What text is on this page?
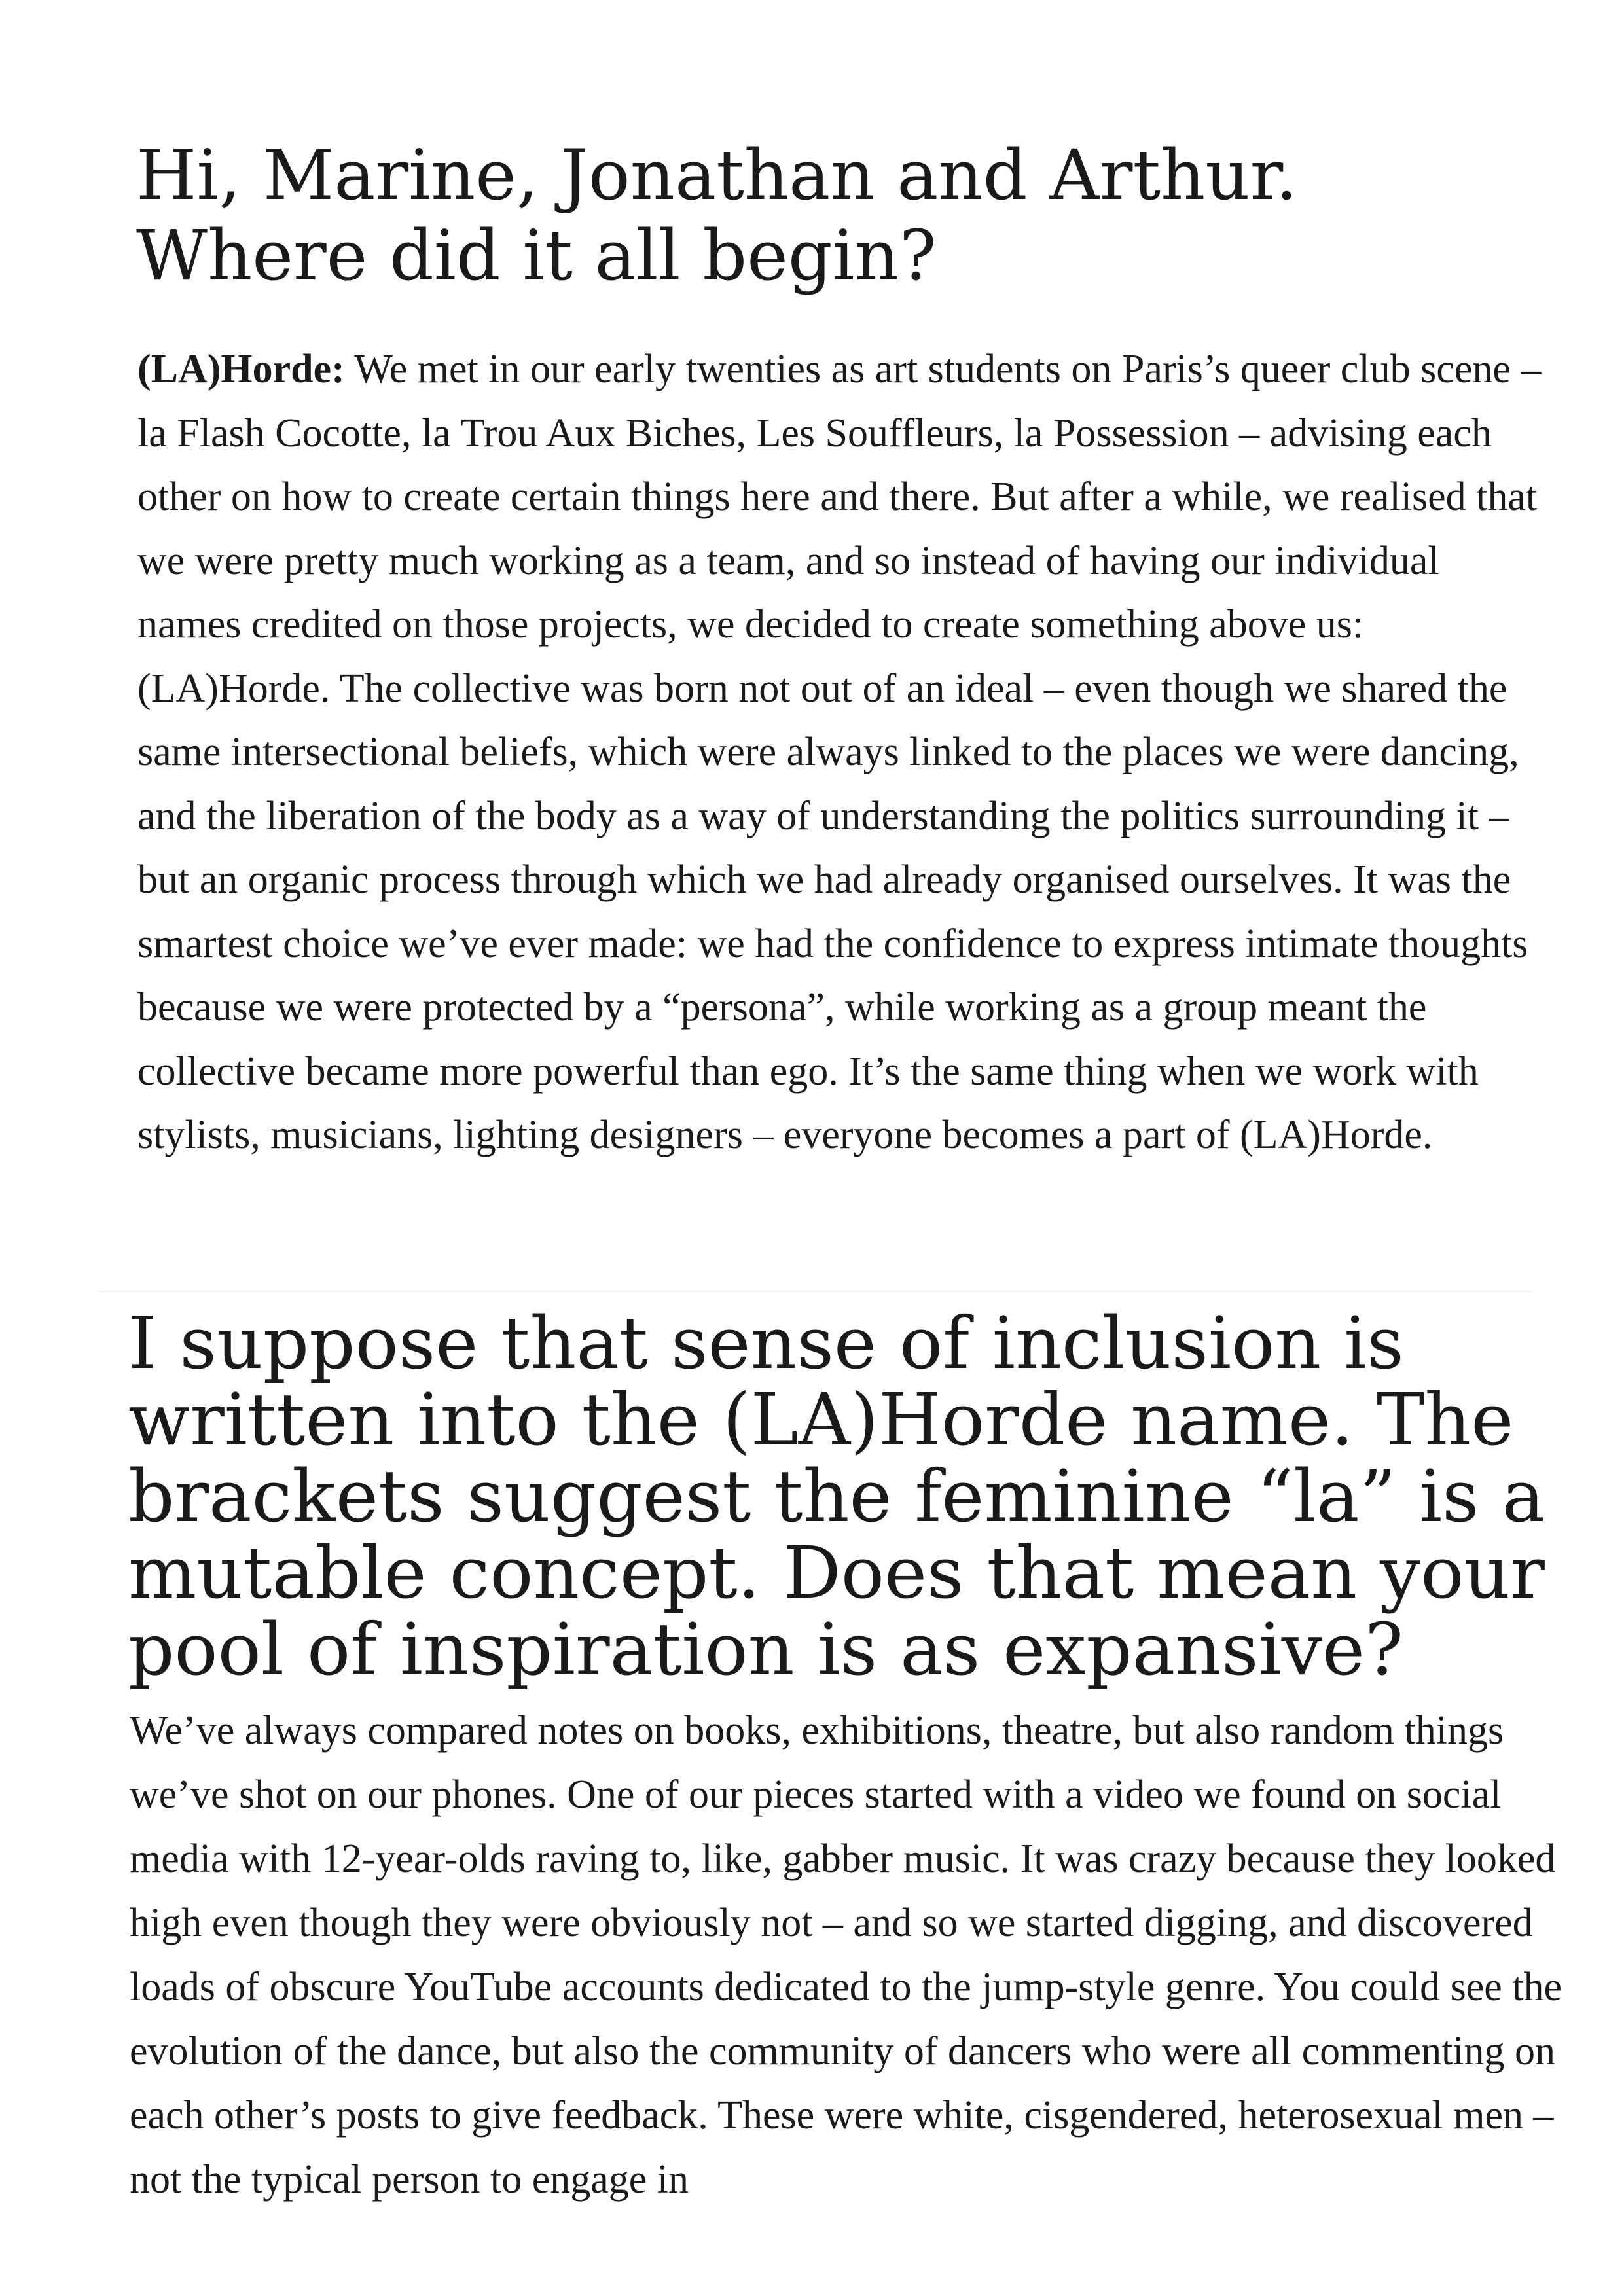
Hi, Marine, Jonathan and Arthur. Where did it all begin?

(LA)Horde: We met in our early twenties as art students on Paris’s queer club scene – la Flash Cocotte, la Trou Aux Biches, Les Souffleurs, la Possession – advising each other on how to create certain things here and there. But after a while, we realised that we were pretty much working as a team, and so instead of having our individual names credited on those projects, we decided to create something above us: (LA)Horde. The collective was born not out of an ideal – even though we shared the same intersectional beliefs, which were always linked to the places we were dancing, and the liberation of the body as a way of understanding the politics surrounding it – but an organic process through which we had already organised ourselves. It was the smartest choice we’ve ever made: we had the confidence to express intimate thoughts because we were protected by a “persona”, while working as a group meant the collective became more powerful than ego. It’s the same thing when we work with stylists, musicians, lighting designers – everyone becomes a part of (LA)Horde.

I suppose that sense of inclusion is written into the (LA)Horde name. The brackets suggest the feminine “la” is a mutable concept. Does that mean your pool of inspiration is as expansive?

We’ve always compared notes on books, exhibitions, theatre, but also random things we’ve shot on our phones. One of our pieces started with a video we found on social media with 12-year-olds raving to, like, gabber music. It was crazy because they looked high even though they were obviously not – and so we started digging, and discovered loads of obscure YouTube accounts dedicated to the jump-style genre. You could see the evolution of the dance, but also the community of dancers who were all commenting on each other’s posts to give feedback. These were white, cisgendered, heterosexual men – not the typical person to engage in
